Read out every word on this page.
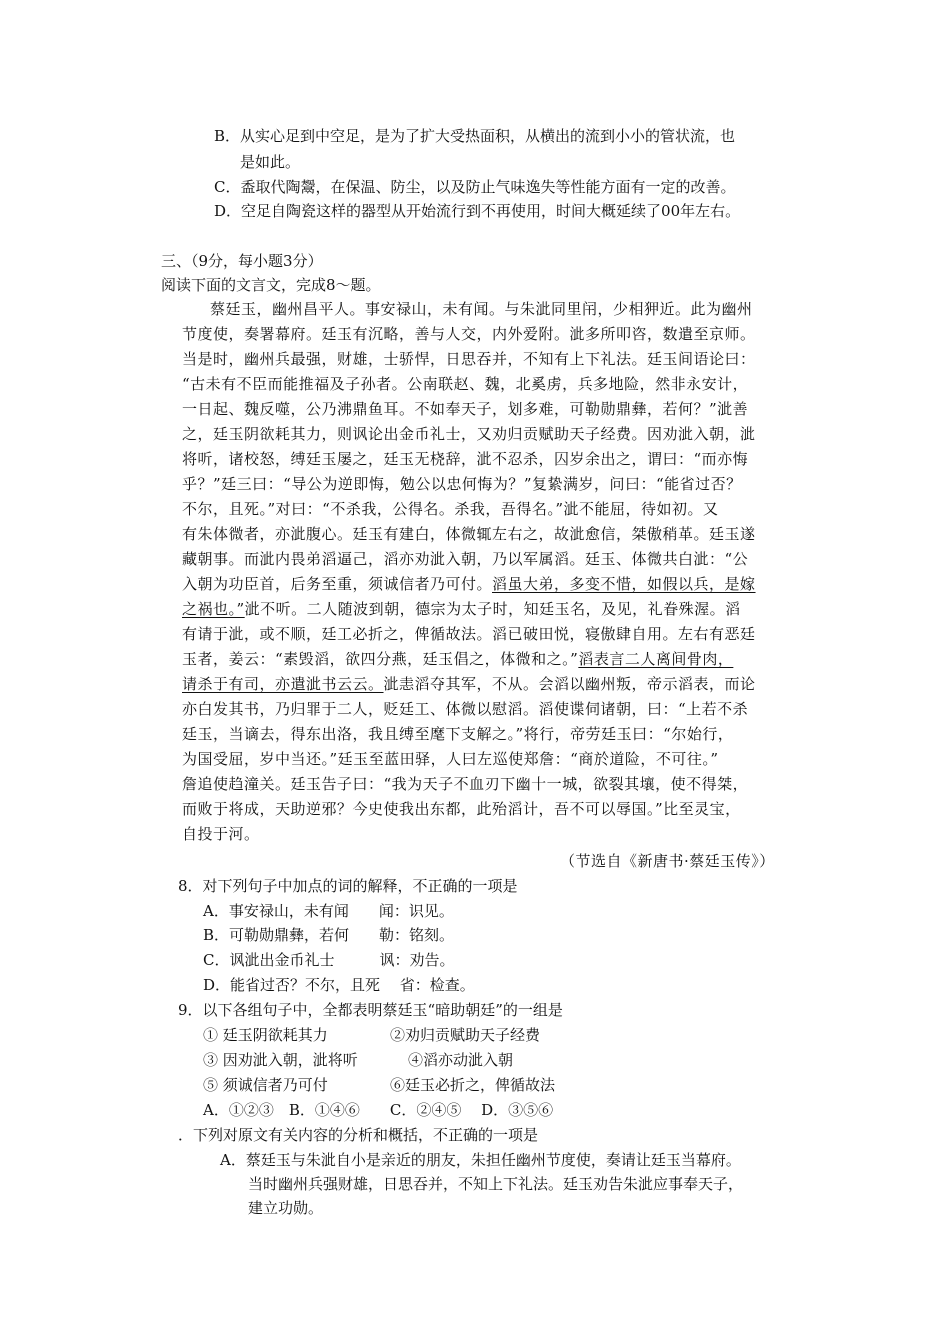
B．从实心足到中空足，是为了扩大受热面积，从横出的流到小小的管状流，也
是如此。
C．盉取代陶鬶，在保温、防尘，以及防止气味逸失等性能方面有一定的改善。
D．空足自陶瓷这样的器型从开始流行到不再使用，时间大概延续了00年左右。
三、（9分，每小题3分）
阅读下面的文言文，完成8～题。
蔡廷玉，幽州昌平人。事安禄山，未有闻。与朱泚同里闬，少相狎近。此为幽州
节度使，奏署幕府。廷玉有沉略，善与人交，内外爱附。泚多所叩咨，数遣至京师。
当是时，幽州兵最强，财雄，士骄悍，日思吞并，不知有上下礼法。廷玉间语论曰：
“古未有不臣而能推福及子孙者。公南联赵、魏，北奚虏，兵多地险，然非永安计，
一日起、魏反噬，公乃沸鼎鱼耳。不如奉天子，划多难，可勒勋鼎彝，若何？”泚善
之，廷玉阴欲耗其力，则讽论出金币礼士，又劝归贡赋助天子经费。因劝泚入朝，泚
将听，诸校怒，缚廷玉屡之，廷玉无桡辞，泚不忍杀，囚岁余出之，谓曰：“而亦悔
乎？”廷三曰：“导公为逆即悔，勉公以忠何悔为？”复絷满岁，问曰：“能省过否？
不尔，且死。”对曰：“不杀我，公得名。杀我，吾得名。”泚不能屈，待如初。又
有朱体微者，亦泚腹心。廷玉有建白，体微辄左右之，故泚愈信，桀傲稍革。廷玉遂
藏朝事。而泚内畏弟滔逼己，滔亦劝泚入朝，乃以军属滔。廷玉、体微共白泚：“公
入朝为功臣首，后务至重，须诚信者乃可付。滔虽大弟，多变不惜，如假以兵，是嫁
之祸也。”泚不听。二人随波到朝，德宗为太子时，知廷玉名，及见，礼眷殊渥。滔
有请于泚，或不顺，廷工必折之，俾循故法。滔已破田悦，寝傲肆自用。左右有恶廷
玉者，姜云：“素毁滔，欲四分燕，廷玉倡之，体微和之。”滔表言二人离间骨肉，
请杀于有司，亦遣泚书云云。泚恚滔夺其军，不从。会滔以幽州叛，帝示滔表，而论
亦白发其书，乃归罪于二人，贬廷工、体微以慰滔。滔使谍伺诸朝，曰：“上若不杀
廷玉，当谪去，得东出洛，我且缚至麾下支解之。”将行，帝劳廷玉曰：“尔始行，
为国受屈，岁中当还。”廷玉至蓝田驿，人曰左巡使郑詹：“商於道险，不可往。”
詹追使趋潼关。廷玉告子曰：“我为天子不血刃下幽十一城，欲裂其壤，使不得桀，
而败于将成，天助逆邪？今史使我出东都，此殆滔计，吾不可以辱国。”比至灵宝，
自投于河。
（节选自《新唐书·蔡廷玉传》）
8．对下列句子中加点的词的解释，不正确的一项是
A．事安禄山，未有闻　　闻：识见。
B．可勒勋鼎彝，若何　　勒：铭刻。
C．讽泚出金币礼士　　　讽：劝告。
D．能省过否？不尔，且死　 省：检查。
9．以下各组句子中，全都表明蔡廷玉“暗助朝廷”的一组是
① 廷玉阴欲耗其力	②劝归贡赋助天子经费
③ 因劝泚入朝，泚将听	④滔亦动泚入朝
⑤ 须诚信者乃可付	⑥廷玉必折之，俾循故法
A．①②③　B．①④⑥　　C．②④⑤　 D．③⑤⑥
．下列对原文有关内容的分析和概括，不正确的一项是
A．蔡廷玉与朱泚自小是亲近的朋友，朱担任幽州节度使，奏请让廷玉当幕府。
当时幽州兵强财雄，日思吞并，不知上下礼法。廷玉劝告朱泚应事奉天子，
建立功勋。
